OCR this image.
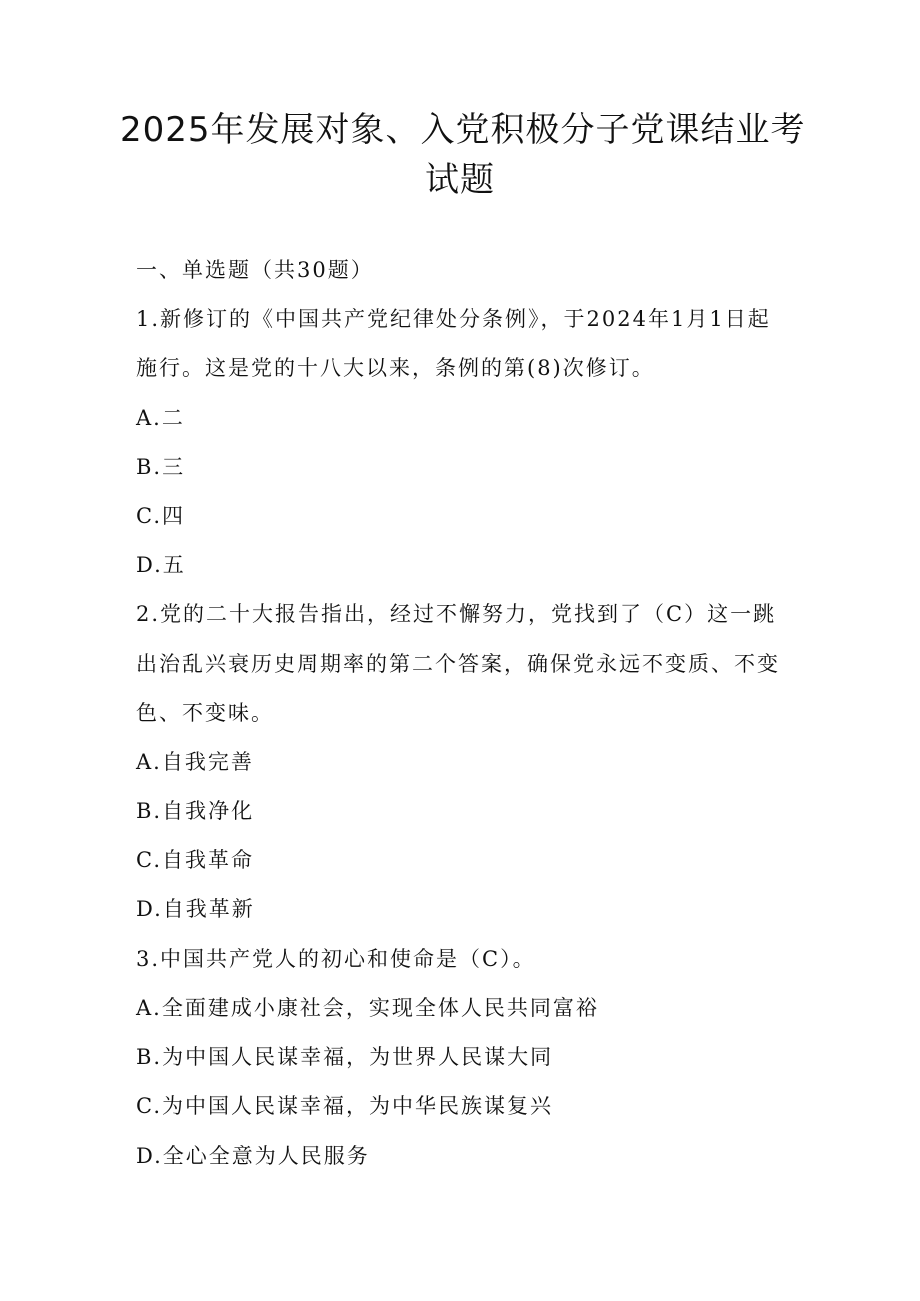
2025年发展对象、入党积极分子党课结业考
试题
一、单选题（共30题）
1.新修订的《中国共产党纪律处分条例》，于2024年1月1日起
施行。这是党的十八大以来，条例的第(8)次修订。
A.二
B.三
C.四
D.五
2.党的二十大报告指出，经过不懈努力，党找到了（C）这一跳
出治乱兴衰历史周期率的第二个答案，确保党永远不变质、不变
色、不变味。
A.自我完善
B.自我净化
C.自我革命
D.自我革新
3.中国共产党人的初心和使命是（C）。
A.全面建成小康社会，实现全体人民共同富裕
B.为中国人民谋幸福，为世界人民谋大同
C.为中国人民谋幸福，为中华民族谋复兴
D.全心全意为人民服务
